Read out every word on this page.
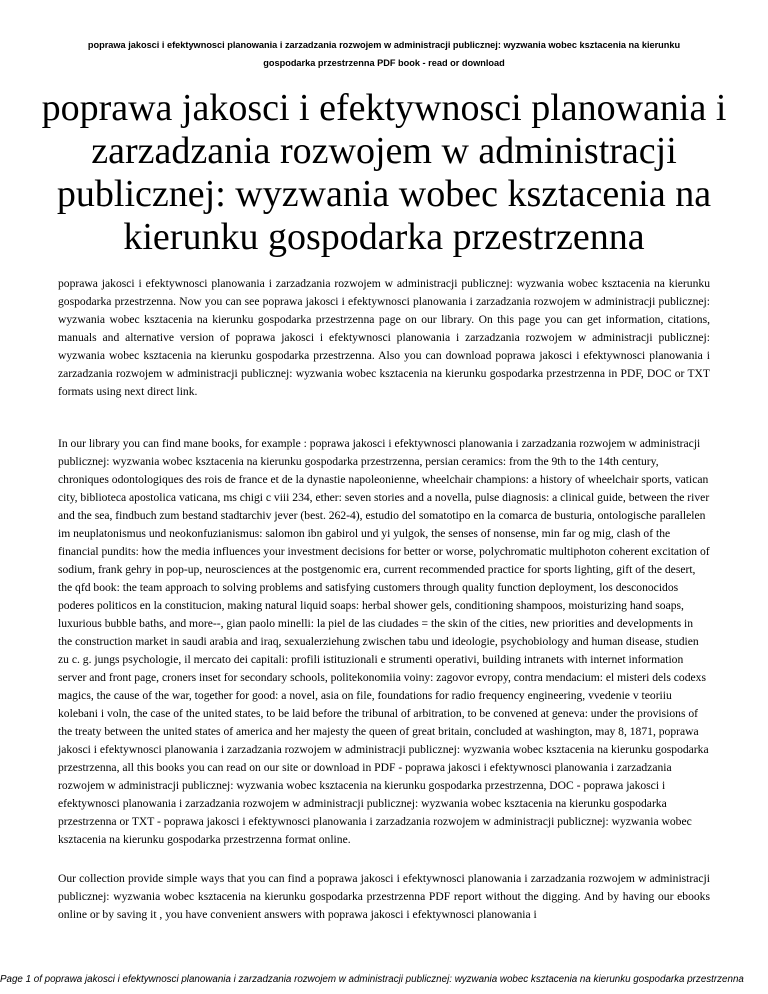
poprawa jakosci i efektywnosci planowania i zarzadzania rozwojem w administracji publicznej: wyzwania wobec ksztacenia na kierunku
gospodarka przestrzenna PDF book - read or download
poprawa jakosci i efektywnosci planowania i zarzadzania rozwojem w administracji publicznej: wyzwania wobec ksztacenia na kierunku gospodarka przestrzenna

poprawa jakosci i efektywnosci planowania i zarzadzania rozwojem w administracji publicznej: wyzwania wobec ksztacenia na kierunku gospodarka przestrzenna. Now you can see poprawa jakosci i efektywnosci planowania i zarzadzania rozwojem w administracji publicznej: wyzwania wobec ksztacenia na kierunku gospodarka przestrzenna page on our library. On this page you can get information, citations, manuals and alternative version of poprawa jakosci i efektywnosci planowania i zarzadzania rozwojem w administracji publicznej: wyzwania wobec ksztacenia na kierunku gospodarka przestrzenna. Also you can download poprawa jakosci i efektywnosci planowania i zarzadzania rozwojem w administracji publicznej: wyzwania wobec ksztacenia na kierunku gospodarka przestrzenna in PDF, DOC or TXT formats using next direct link.

In our library you can find mane books, for example : poprawa jakosci i efektywnosci planowania i zarzadzania rozwojem w administracji publicznej: wyzwania wobec ksztacenia na kierunku gospodarka przestrzenna, persian ceramics: from the 9th to the 14th century, chroniques odontologiques des rois de france et de la dynastie napoleonienne, wheelchair champions: a history of wheelchair sports, vatican city, biblioteca apostolica vaticana, ms chigi c viii 234, ether: seven stories and a novella, pulse diagnosis: a clinical guide, between the river and the sea, findbuch zum bestand stadtarchiv jever (best. 262-4), estudio del somatotipo en la comarca de busturia, ontologische parallelen im neuplatonismus und neokonfuzianismus: salomon ibn gabirol und yi yulgok, the senses of nonsense, min far og mig, clash of the financial pundits: how the media influences your investment decisions for better or worse, polychromatic multiphoton coherent excitation of sodium, frank gehry in pop-up, neurosciences at the postgenomic era, current recommended practice for sports lighting, gift of the desert, the qfd book: the team approach to solving problems and satisfying customers through quality function deployment, los desconocidos poderes politicos en la constitucion, making natural liquid soaps: herbal shower gels, conditioning shampoos, moisturizing hand soaps, luxurious bubble baths, and more--, gian paolo minelli: la piel de las ciudades = the skin of the cities, new priorities and developments in the construction market in saudi arabia and iraq, sexualerziehung zwischen tabu und ideologie, psychobiology and human disease, studien zu c. g. jungs psychologie, il mercato dei capitali: profili istituzionali e strumenti operativi, building intranets with internet information server and front page, croners inset for secondary schools, politekonomiia voiny: zagovor evropy, contra mendacium: el misteri dels codexs magics, the cause of the war, together for good: a novel, asia on file, foundations for radio frequency engineering, vvedenie v teoriiu kolebani i voln, the case of the united states, to be laid before the tribunal of arbitration, to be convened at geneva: under the provisions of the treaty between the united states of america and her majesty the queen of great britain, concluded at washington, may 8, 1871, poprawa jakosci i efektywnosci planowania i zarzadzania rozwojem w administracji publicznej: wyzwania wobec ksztacenia na kierunku gospodarka przestrzenna, all this books you can read on our site or download in PDF - poprawa jakosci i efektywnosci planowania i zarzadzania rozwojem w administracji publicznej: wyzwania wobec ksztacenia na kierunku gospodarka przestrzenna, DOC - poprawa jakosci i efektywnosci planowania i zarzadzania rozwojem w administracji publicznej: wyzwania wobec ksztacenia na kierunku gospodarka przestrzenna or TXT - poprawa jakosci i efektywnosci planowania i zarzadzania rozwojem w administracji publicznej: wyzwania wobec ksztacenia na kierunku gospodarka przestrzenna format online.

Our collection provide simple ways that you can find a poprawa jakosci i efektywnosci planowania i zarzadzania rozwojem w administracji publicznej: wyzwania wobec ksztacenia na kierunku gospodarka przestrzenna PDF report without the digging. And by having our ebooks online or by saving it , you have convenient answers with poprawa jakosci i efektywnosci planowania i

Page 1 of poprawa jakosci i efektywnosci planowania i zarzadzania rozwojem w administracji publicznej: wyzwania wobec ksztacenia na kierunku gospodarka przestrzenna
